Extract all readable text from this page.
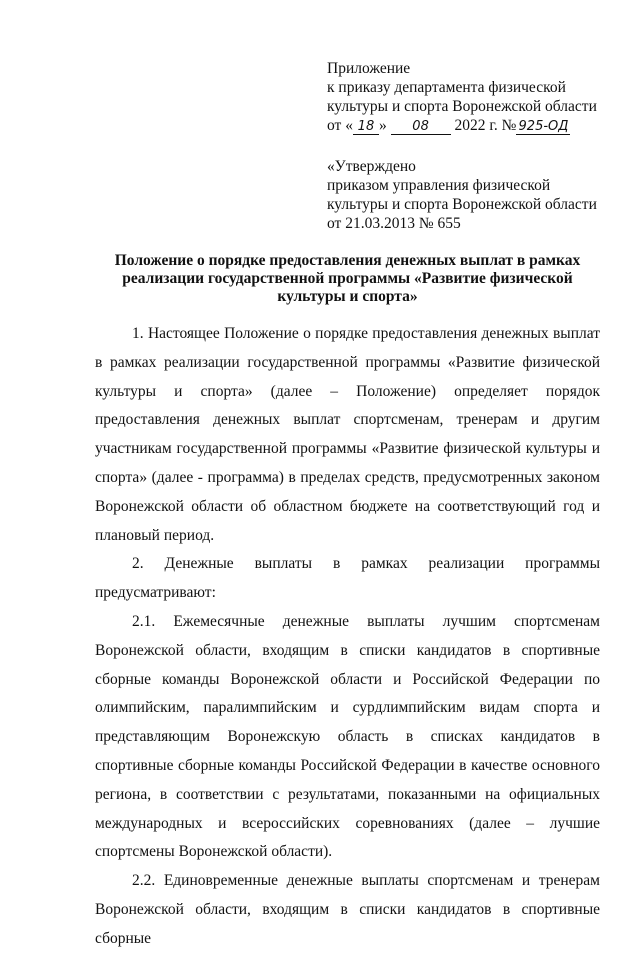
Приложение
к приказу департамента физической
культуры и спорта Воронежской области
от « 18 » 08 2022 г. № 925-ОД
«Утверждено
приказом управления физической
культуры и спорта Воронежской области
от 21.03.2013 № 655
Положение о порядке предоставления денежных выплат в рамках реализации государственной программы «Развитие физической культуры и спорта»

1. Настоящее Положение о порядке предоставления денежных выплат в рамках реализации государственной программы «Развитие физической культуры и спорта» (далее – Положение) определяет порядок предоставления денежных выплат спортсменам, тренерам и другим участникам государственной программы «Развитие физической культуры и спорта» (далее - программа) в пределах средств, предусмотренных законом Воронежской области об областном бюджете на соответствующий год и плановый период.

2. Денежные выплаты в рамках реализации программы предусматривают:

2.1. Ежемесячные денежные выплаты лучшим спортсменам Воронежской области, входящим в списки кандидатов в спортивные сборные команды Воронежской области и Российской Федерации по олимпийским, паралимпийским и сурдлимпийским видам спорта и представляющим Воронежскую область в списках кандидатов в спортивные сборные команды Российской Федерации в качестве основного региона, в соответствии с результатами, показанными на официальных международных и всероссийских соревнованиях (далее – лучшие спортсмены Воронежской области).

2.2. Единовременные денежные выплаты спортсменам и тренерам Воронежской области, входящим в списки кандидатов в спортивные сборные
